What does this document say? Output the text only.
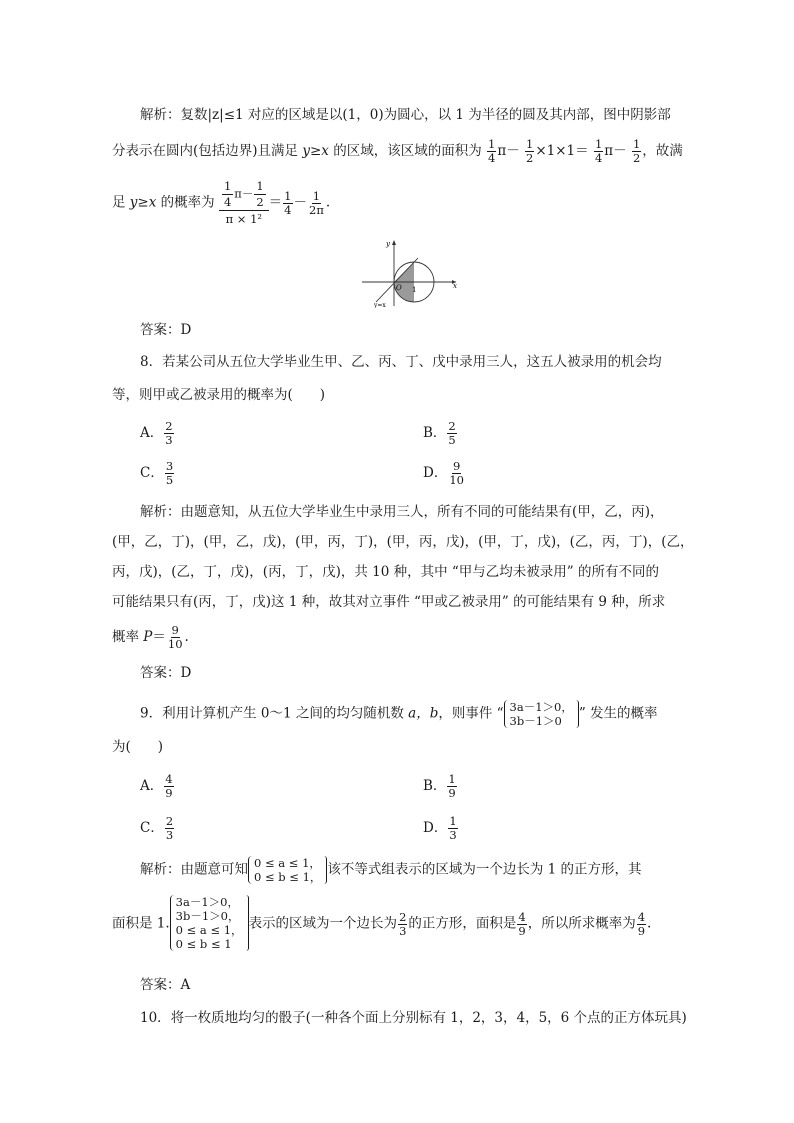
解析：复数|z|≤1 对应的区域是以(1，0)为圆心，以 1 为半径的圆及其内部，图中阴影部
分表示在圆内(包括边界)且满足 y≥x 的区域，该区域的面积为 $\frac{1}{4} \pi- \frac{1}{2} \times 1\times 1= \frac{1}{4} \pi- \frac{1}{2}$ ，故满
足 y≥x 的概率为 $\frac{\frac{1}{4} \pi- \frac{1}{2}}{\text{π × 1²}} = \frac{1}{4} - \frac{1}{2\pi}$ .
y
x
O 1
y=x
答案：D
8．若某公司从五位大学毕业生甲、乙、丙、丁、戊中录用三人，这五人被录用的机会均
等，则甲或乙被录用的概率为(　　)
A． $\frac{2}{3}$	B． $\frac{2}{5}$
C． $\frac{3}{5}$	D． $\frac{9}{10}$
解析：由题意知，从五位大学毕业生中录用三人，所有不同的可能结果有(甲，乙，丙)，
(甲，乙，丁)，(甲，乙，戊)，(甲，丙，丁)，(甲，丙，戊)，(甲，丁，戊)，(乙，丙，丁)，(乙，
丙，戊)，(乙，丁，戊)，(丙，丁，戊)，共 10 种，其中 “甲与乙均未被录用” 的所有不同的
可能结果只有(丙，丁，戊)这 1 种，故其对立事件 “甲或乙被录用” 的可能结果有 9 种，所求
概率 $P= \frac{9}{10}$ .
答案：D
9．利用计算机产生 0～1 之间的均匀随机数 a，b，则事件 “ 3a－1＞0，
3b－1＞0	” 发生的概率
为(　　)
A． $\frac{4}{9}$	B． $\frac{1}{9}$
C． $\frac{2}{3}$	D． $\frac{1}{3}$
解析：由题意可知 0 ≤ a ≤ 1，
0 ≤ b ≤ 1， 该不等式组表示的区域为一个边长为 1 的正方形，其
面积是 1.
3a－1＞0，
3b－1＞0，
0 ≤ a ≤ 1，
0 ≤ b ≤ 1
表示的区域为一个边长为 $\frac{2}{3}$ 的正方形，面积是 $\frac{4}{9}$ ，所以所求概率为 $\frac{4}{9}$ .
答案：A
10．将一枚质地均匀的骰子(一种各个面上分别标有 1，2，3，4，5，6 个点的正方体玩具)
